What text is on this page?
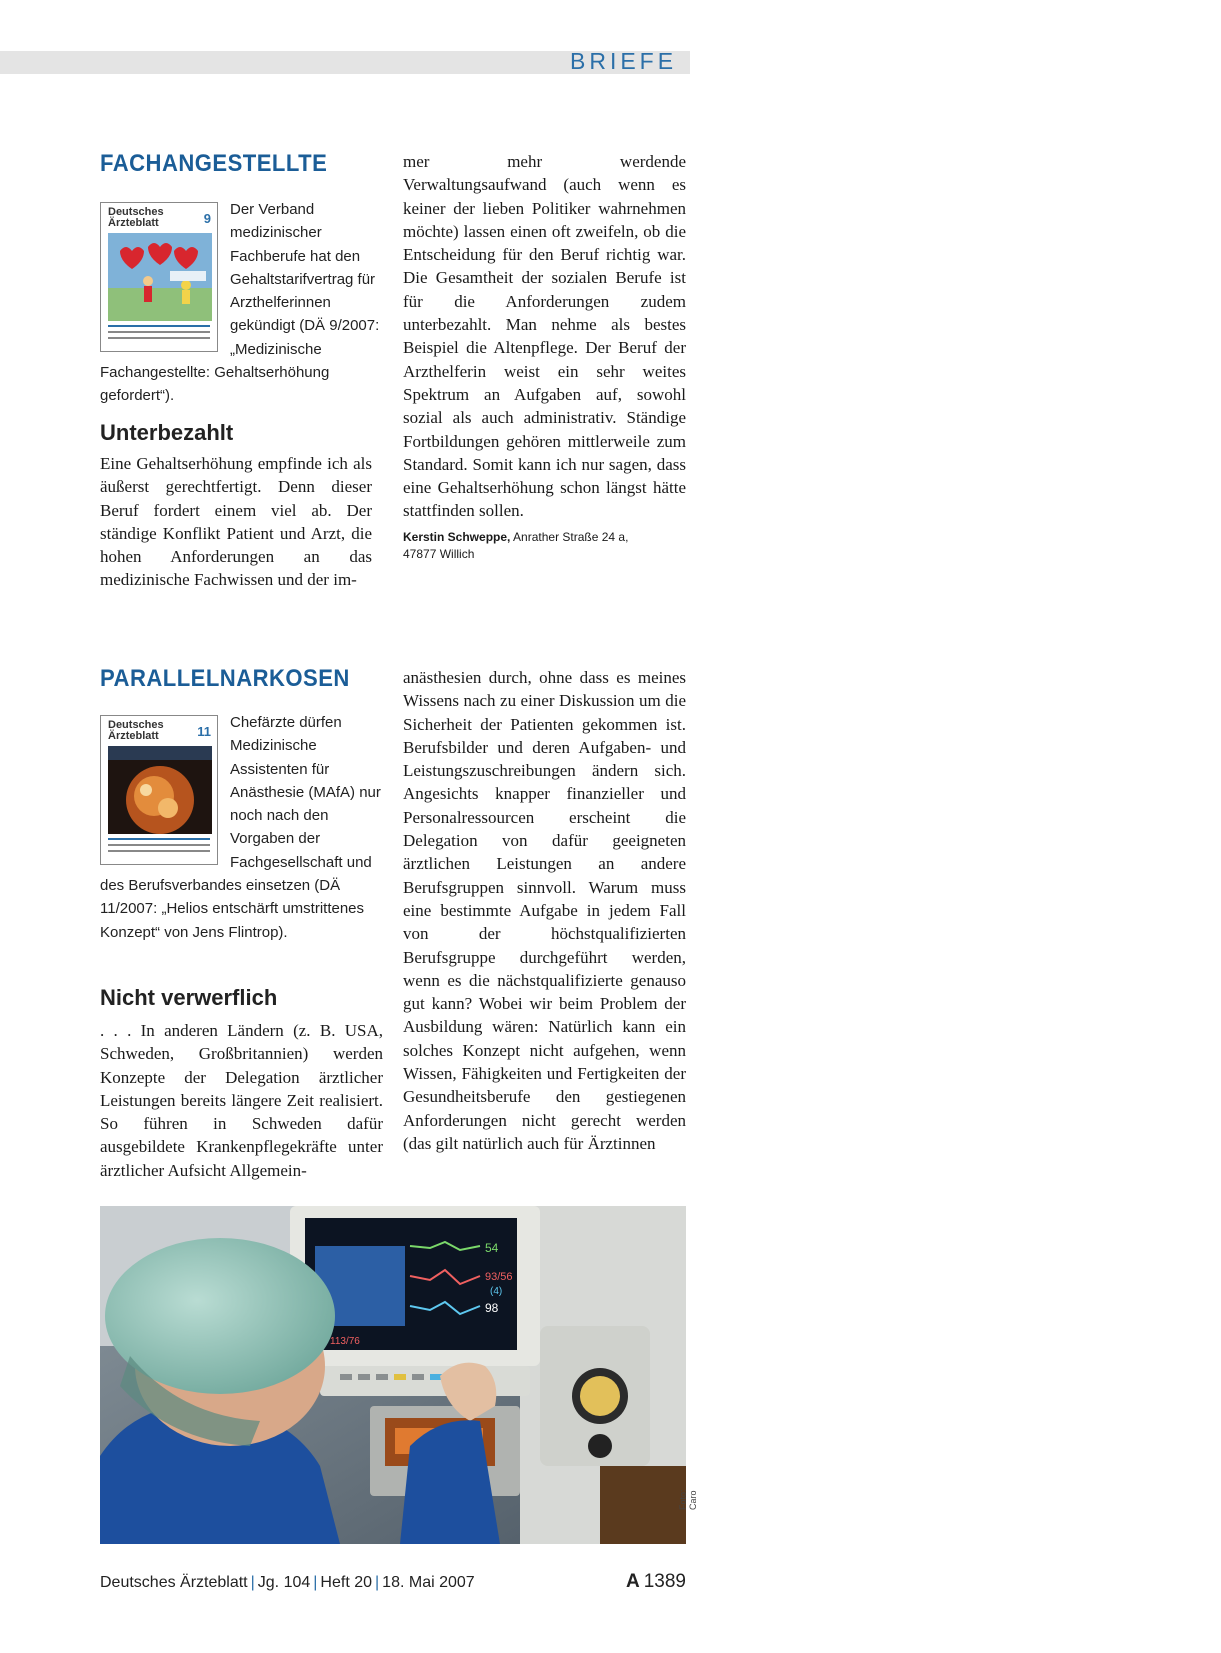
BRIEFE
FACHANGESTELLTE
Deutsches
Ärzteblatt	9
Der Verband medizinischer Fachberufe hat den Gehaltstarifvertrag für Arzthelferinnen gekündigt (DÄ 9/2007: „Medizinische Fachangestellte: Gehaltserhöhung gefordert“).
Unterbezahlt

Eine Gehaltserhöhung empfinde ich als äußerst gerechtfertigt. Denn dieser Beruf fordert einem viel ab. Der ständige Konflikt Patient und Arzt, die hohen Anforderungen an das medizinische Fachwissen und der im-

mer mehr werdende Verwaltungsaufwand (auch wenn es keiner der lieben Politiker wahrnehmen möchte) lassen einen oft zweifeln, ob die Entscheidung für den Beruf richtig war. Die Gesamtheit der sozialen Berufe ist für die Anforderungen zudem unterbezahlt. Man nehme als bestes Beispiel die Altenpflege. Der Beruf der Arzthelferin weist ein sehr weites Spektrum an Aufgaben auf, sowohl sozial als auch administrativ. Ständige Fortbildungen gehören mittlerweile zum Standard. Somit kann ich nur sagen, dass eine Gehaltserhöhung schon längst hätte stattfinden sollen.

Kerstin Schweppe, Anrather Straße 24 a,
47877 Willich
PARALLELNARKOSEN
Deutsches
Ärzteblatt	11
Chefärzte dürfen Medizinische Assistenten für Anästhesie (MAfA) nur noch nach den Vorgaben der Fachgesellschaft und des Berufsverbandes einsetzen (DÄ 11/2007: „Helios entschärft umstrittenes Konzept“ von Jens Flintrop).
Nicht verwerflich

. . . In anderen Ländern (z. B. USA, Schweden, Großbritannien) werden Konzepte der Delegation ärztlicher Leistungen bereits längere Zeit realisiert. So führen in Schweden dafür ausgebildete Krankenpflegekräfte unter ärztlicher Aufsicht Allgemein-

anästhesien durch, ohne dass es meines Wissens nach zu einer Diskussion um die Sicherheit der Patienten gekommen ist. Berufsbilder und deren Aufgaben- und Leistungszuschreibungen ändern sich. Angesichts knapper finanzieller und Personalressourcen erscheint die Delegation von dafür geeigneten ärztlichen Leistungen an andere Berufsgruppen sinnvoll. Warum muss eine bestimmte Aufgabe in jedem Fall von der höchstqualifizierten Berufsgruppe durchgeführt werden, wenn es die nächstqualifizierte genauso gut kann? Wobei wir beim Problem der Ausbildung wären: Natürlich kann ein solches Konzept nicht aufgehen, wenn Wissen, Fähigkeiten und Fertigkeiten der Gesundheitsberufe den gestiegenen Anforderungen nicht gerecht werden (das gilt natürlich auch für Ärztinnen

54
93/56
(4)
98
113/76
Foto: Caro
Deutsches Ärzteblatt | Jg. 104 | Heft 20 | 18. Mai 2007	A 1389
